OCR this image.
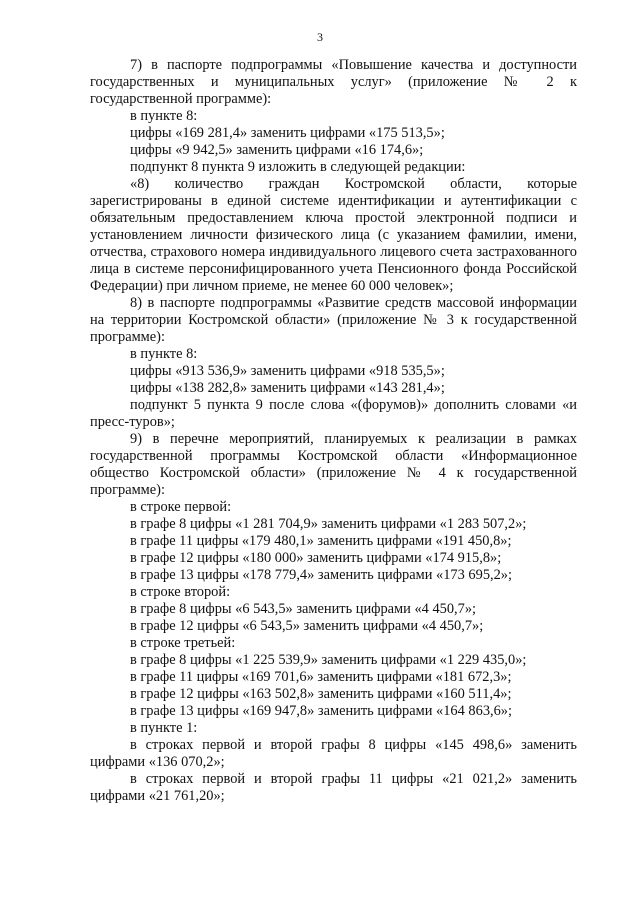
3

7) в паспорте подпрограммы «Повышение качества и доступности государственных и муниципальных услуг» (приложение № 2 к государственной программе):

в пункте 8:

цифры «169 281,4» заменить цифрами «175 513,5»;

цифры «9 942,5» заменить цифрами «16 174,6»;

подпункт 8 пункта 9 изложить в следующей редакции:

«8) количество граждан Костромской области, которые зарегистрированы в единой системе идентификации и аутентификации с обязательным предоставлением ключа простой электронной подписи и установлением личности физического лица (с указанием фамилии, имени, отчества, страхового номера индивидуального лицевого счета застрахованного лица в системе персонифицированного учета Пенсионного фонда Российской Федерации) при личном приеме, не менее 60 000 человек»;

8) в паспорте подпрограммы «Развитие средств массовой информации на территории Костромской области» (приложение № 3 к государственной программе):

в пункте 8:

цифры «913 536,9» заменить цифрами «918 535,5»;

цифры «138 282,8» заменить цифрами «143 281,4»;

подпункт 5 пункта 9 после слова «(форумов)» дополнить словами «и пресс-туров»;

9) в перечне мероприятий, планируемых к реализации в рамках государственной программы Костромской области «Информационное общество Костромской области» (приложение № 4 к государственной программе):

в строке первой:

в графе 8 цифры «1 281 704,9» заменить цифрами «1 283 507,2»;

в графе 11 цифры «179 480,1» заменить цифрами «191 450,8»;

в графе 12 цифры «180 000» заменить цифрами «174 915,8»;

в графе 13 цифры «178 779,4» заменить цифрами «173 695,2»;

в строке второй:

в графе 8 цифры «6 543,5» заменить цифрами «4 450,7»;

в графе 12 цифры «6 543,5» заменить цифрами «4 450,7»;

в строке третьей:

в графе 8 цифры «1 225 539,9» заменить цифрами «1 229 435,0»;

в графе 11 цифры «169 701,6» заменить цифрами «181 672,3»;

в графе 12 цифры «163 502,8» заменить цифрами «160 511,4»;

в графе 13 цифры «169 947,8» заменить цифрами «164 863,6»;

в пункте 1:

в строках первой и второй графы 8 цифры «145 498,6» заменить цифрами «136 070,2»;

в строках первой и второй графы 11 цифры «21 021,2» заменить цифрами «21 761,20»;
